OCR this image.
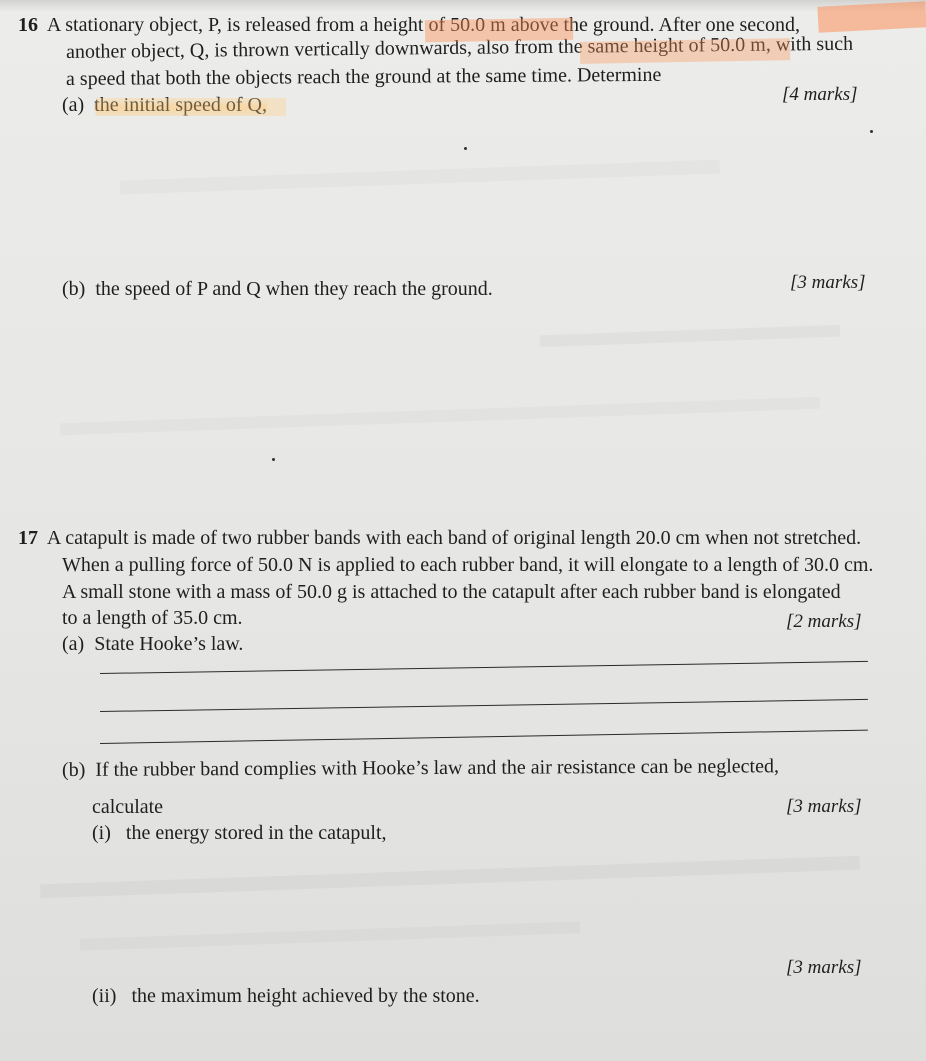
16 A stationary object, P, is released from a height of 50.0 m above the ground. After one second,
another object, Q, is thrown vertically downwards, also from the same height of 50.0 m, with such
a speed that both the objects reach the ground at the same time. Determine
(a) the initial speed of Q,	[4 marks]
(b) the speed of P and Q when they reach the ground.	[3 marks]
17 A catapult is made of two rubber bands with each band of original length 20.0 cm when not stretched.
When a pulling force of 50.0 N is applied to each rubber band, it will elongate to a length of 30.0 cm.
A small stone with a mass of 50.0 g is attached to the catapult after each rubber band is elongated
to a length of 35.0 cm.
(a) State Hooke’s law.
[2 marks]
(b) If the rubber band complies with Hooke’s law and the air resistance can be neglected,
calculate	[3 marks]
(i) the energy stored in the catapult,
[3 marks]
(ii) the maximum height achieved by the stone.
